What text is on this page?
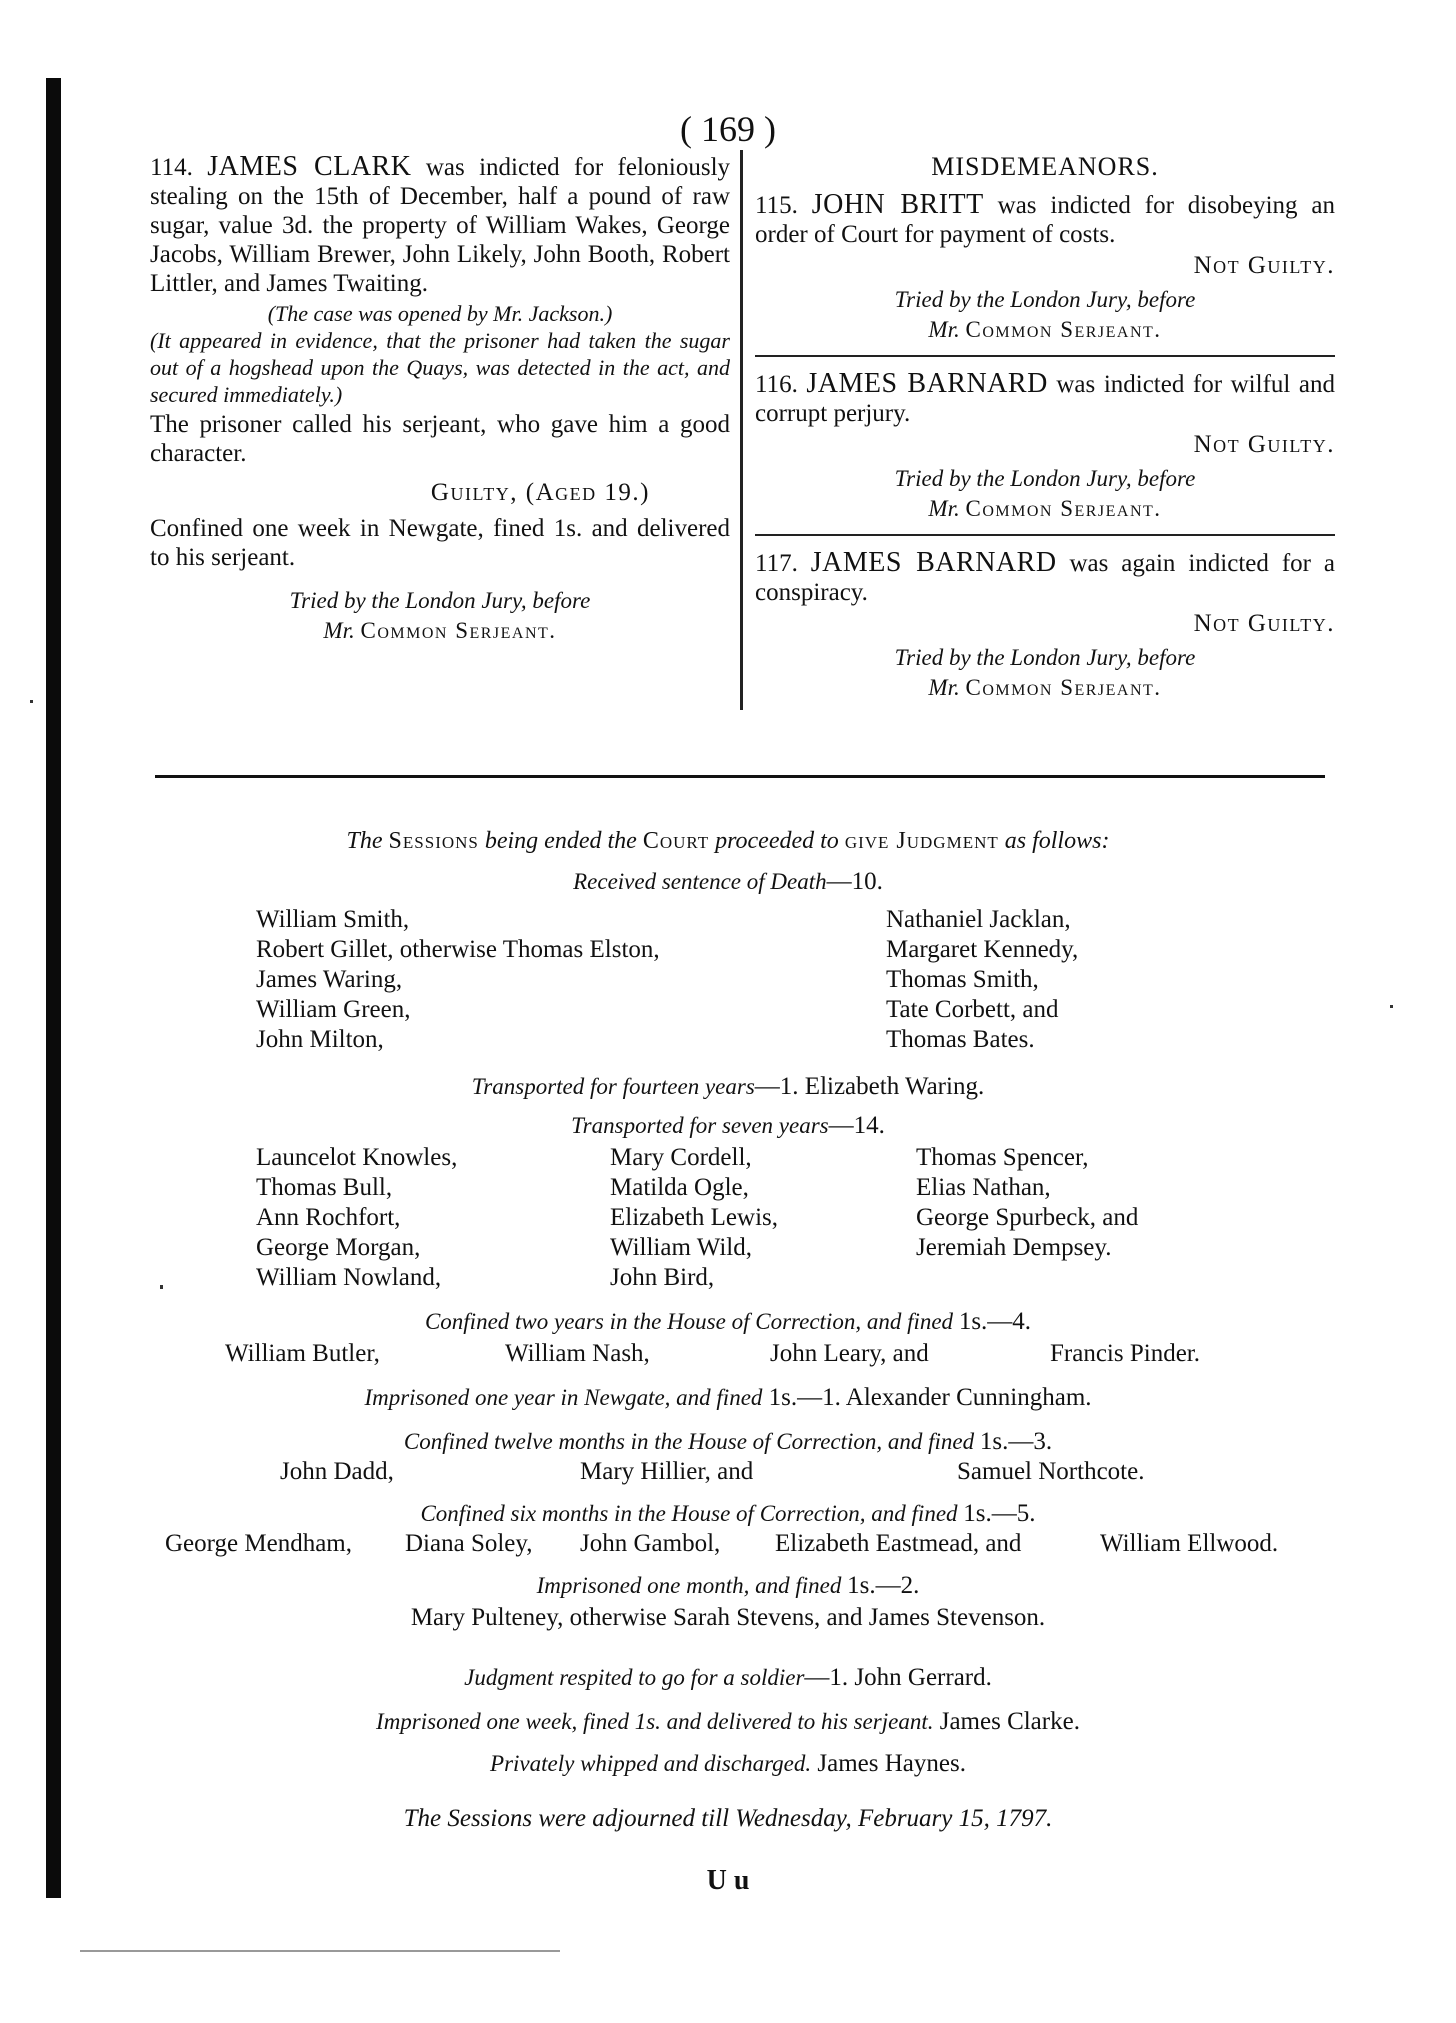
( 169 )

114. JAMES CLARK was indicted for feloniously stealing on the 15th of December, half a pound of raw sugar, value 3d. the property of William Wakes, George Jacobs, William Brewer, John Likely, John Booth, Robert Littler, and James Twaiting.

(The case was opened by Mr. Jackson.)

(It appeared in evidence, that the prisoner had taken the sugar out of a hogshead upon the Quays, was detected in the act, and secured immediately.)

The prisoner called his serjeant, who gave him a good character.

Guilty, (Aged 19.)

Confined one week in Newgate, fined 1s. and delivered to his serjeant.

Tried by the London Jury, before
Mr. Common Serjeant.
MISDEMEANORS.

115. JOHN BRITT was indicted for disobeying an order of Court for payment of costs.

Not Guilty.

Tried by the London Jury, before
Mr. Common Serjeant.

116. JAMES BARNARD was indicted for wilful and corrupt perjury.

Not Guilty.

Tried by the London Jury, before
Mr. Common Serjeant.

117. JAMES BARNARD was again indicted for a conspiracy.

Not Guilty.

Tried by the London Jury, before
Mr. Common Serjeant.
The Sessions being ended the Court proceeded to give Judgment as follows:
Received sentence of Death—10.
William Smith,
Robert Gillet, otherwise Thomas Elston,
James Waring,
William Green,
John Milton,
Nathaniel Jacklan,
Margaret Kennedy,
Thomas Smith,
Tate Corbett, and
Thomas Bates.
Transported for fourteen years—1. Elizabeth Waring.
Transported for seven years—14.
Launcelot Knowles,
Thomas Bull,
Ann Rochfort,
George Morgan,
William Nowland,
Mary Cordell,
Matilda Ogle,
Elizabeth Lewis,
William Wild,
John Bird,
Thomas Spencer,
Elias Nathan,
George Spurbeck, and
Jeremiah Dempsey.
Confined two years in the House of Correction, and fined 1s.—4.
William Butler,	William Nash,	John Leary, and	Francis Pinder.
Imprisoned one year in Newgate, and fined 1s.—1. Alexander Cunningham.
Confined twelve months in the House of Correction, and fined 1s.—3.
John Dadd,	Mary Hillier, and	Samuel Northcote.
Confined six months in the House of Correction, and fined 1s.—5.
George Mendham, Diana Soley, John Gambol, Elizabeth Eastmead, and	William Ellwood.
Imprisoned one month, and fined 1s.—2.
Mary Pulteney, otherwise Sarah Stevens, and James Stevenson.
Judgment respited to go for a soldier—1. John Gerrard.
Imprisoned one week, fined 1s. and delivered to his serjeant. James Clarke.
Privately whipped and discharged. James Haynes.
The Sessions were adjourned till Wednesday, February 15, 1797.
U u
